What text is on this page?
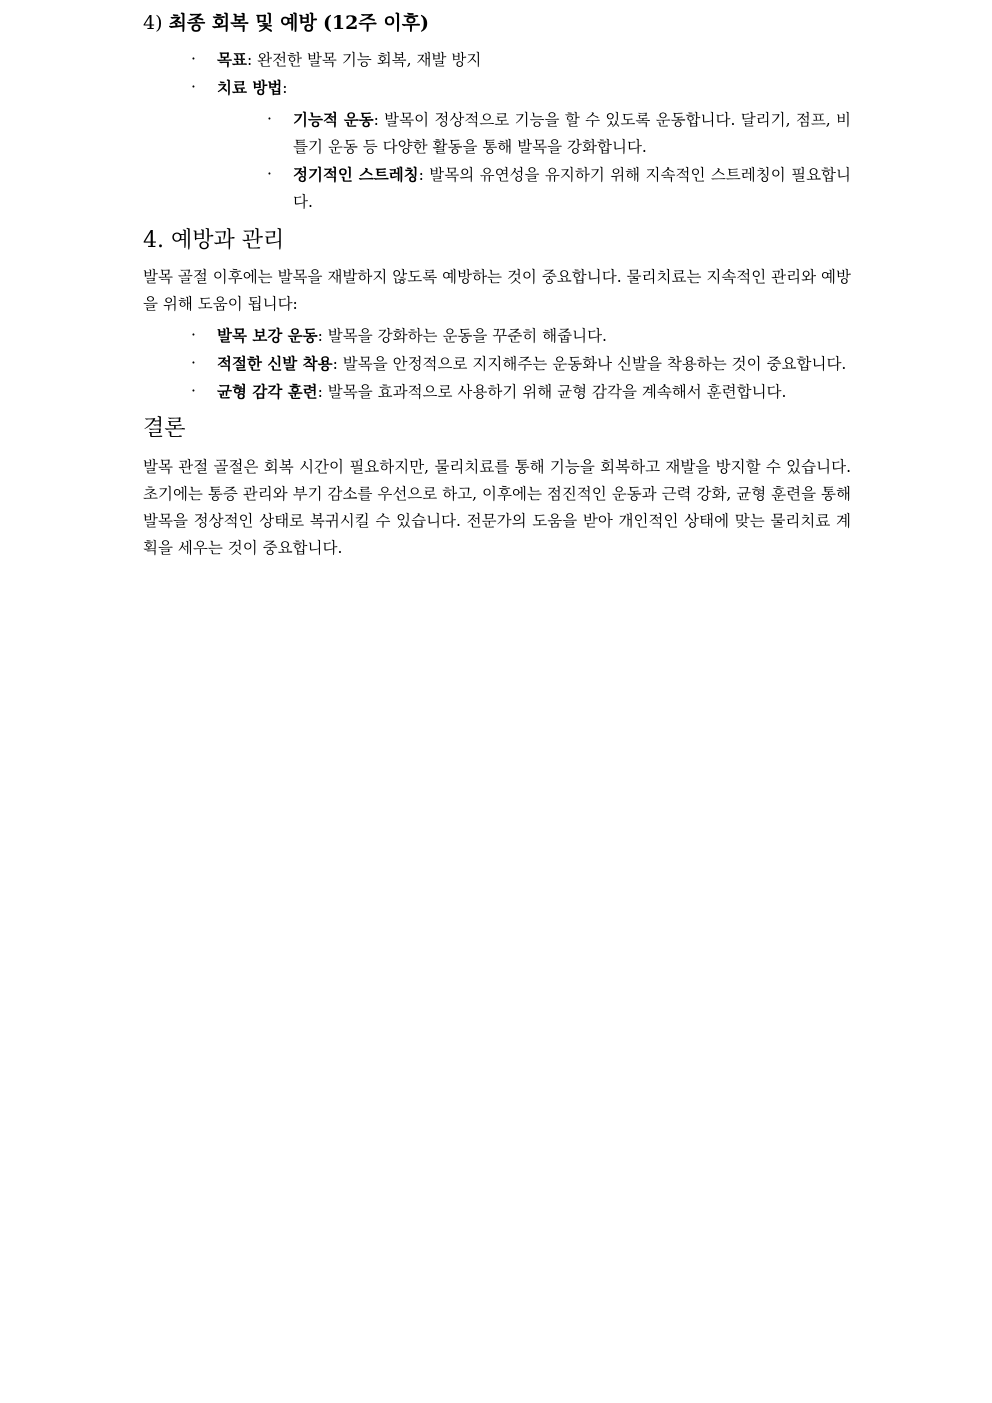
4) 최종 회복 및 예방 (12주 이후)
·	목표: 완전한 발목 기능 회복, 재발 방지
·	치료 방법:
·	기능적 운동: 발목이 정상적으로 기능을 할 수 있도록 운동합니다. 달리기, 점프, 비틀기 운동 등 다양한 활동을 통해 발목을 강화합니다.
·	정기적인 스트레칭: 발목의 유연성을 유지하기 위해 지속적인 스트레칭이 필요합니다.
4. 예방과 관리

발목 골절 이후에는 발목을 재발하지 않도록 예방하는 것이 중요합니다. 물리치료는 지속적인 관리와 예방을 위해 도움이 됩니다:

·	발목 보강 운동: 발목을 강화하는 운동을 꾸준히 해줍니다.
·	적절한 신발 착용: 발목을 안정적으로 지지해주는 운동화나 신발을 착용하는 것이 중요합니다.
·	균형 감각 훈련: 발목을 효과적으로 사용하기 위해 균형 감각을 계속해서 훈련합니다.
결론

발목 관절 골절은 회복 시간이 필요하지만, 물리치료를 통해 기능을 회복하고 재발을 방지할 수 있습니다. 초기에는 통증 관리와 부기 감소를 우선으로 하고, 이후에는 점진적인 운동과 근력 강화, 균형 훈련을 통해 발목을 정상적인 상태로 복귀시킬 수 있습니다. 전문가의 도움을 받아 개인적인 상태에 맞는 물리치료 계획을 세우는 것이 중요합니다.
